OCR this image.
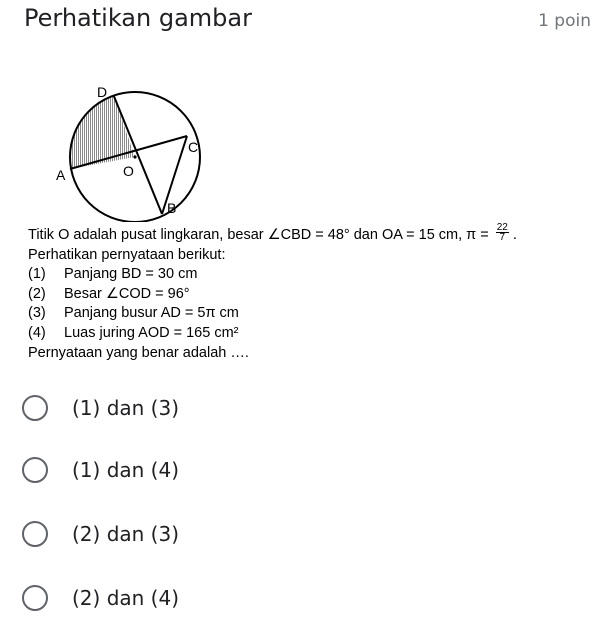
Perhatikan gambar	1 poin
D
C
A	O
B
Titik O adalah pusat lingkaran, besar ∠CBD = 48° dan OA = 15 cm, $\pi = \frac{22}{7}$ .
Perhatikan pernyataan berikut:
(1) Panjang BD = 30 cm
(2) Besar ∠COD = 96°
(3) Panjang busur AD = 5π cm
(4) Luas juring AOD = 165 cm²
Pernyataan yang benar adalah ….
(1) dan (3)
(1) dan (4)
(2) dan (3)
(2) dan (4)
